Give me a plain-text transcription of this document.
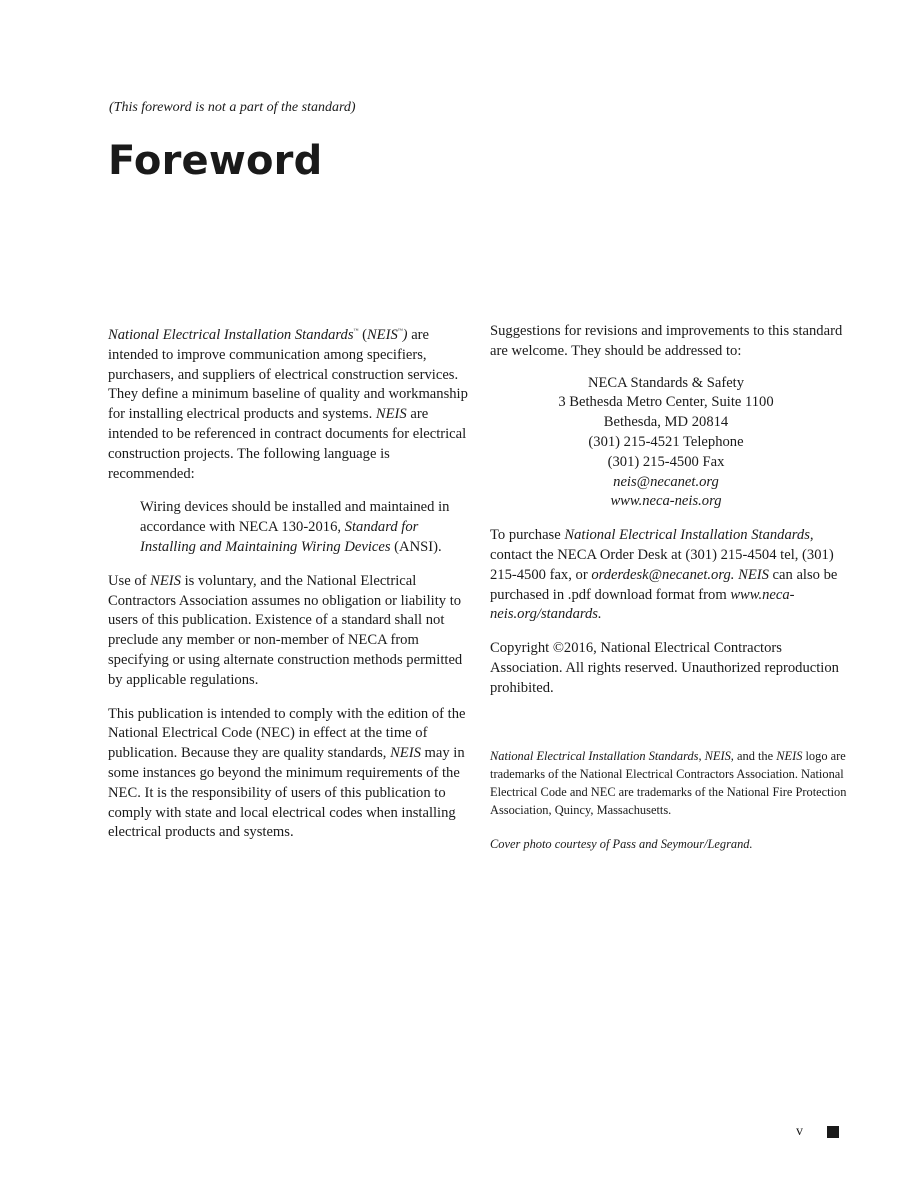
(This foreword is not a part of the standard)

Foreword

National Electrical Installation Standards™ (NEIS™) are intended to improve communication among specifiers, purchasers, and suppliers of electrical construction services. They define a minimum baseline of quality and workmanship for installing electrical products and systems. NEIS are intended to be referenced in contract documents for electrical construction projects. The following language is recommended:

Wiring devices should be installed and maintained in accordance with NECA 130-2016, Standard for Installing and Maintaining Wiring Devices (ANSI).

Use of NEIS is voluntary, and the National Electrical Contractors Association assumes no obligation or liability to users of this publication. Existence of a standard shall not preclude any member or non-member of NECA from specifying or using alternate construction methods permitted by applicable regulations.

This publication is intended to comply with the edition of the National Electrical Code (NEC) in effect at the time of publication. Because they are quality standards, NEIS may in some instances go beyond the minimum requirements of the NEC. It is the responsibility of users of this publication to comply with state and local electrical codes when installing electrical products and systems.

Suggestions for revisions and improvements to this standard are welcome. They should be addressed to:

NECA Standards & Safety
3 Bethesda Metro Center, Suite 1100
Bethesda, MD 20814
(301) 215-4521 Telephone
(301) 215-4500 Fax
neis@necanet.org
www.neca-neis.org

To purchase National Electrical Installation Standards, contact the NECA Order Desk at (301) 215-4504 tel, (301) 215-4500 fax, or orderdesk@necanet.org. NEIS can also be purchased in .pdf download format from www.neca-neis.org/standards.

Copyright ©2016, National Electrical Contractors Association. All rights reserved. Unauthorized reproduction prohibited.

National Electrical Installation Standards, NEIS, and the NEIS logo are trademarks of the National Electrical Contractors Association. National Electrical Code and NEC are trademarks of the National Fire Protection Association, Quincy, Massachusetts.

Cover photo courtesy of Pass and Seymour/Legrand.

v
